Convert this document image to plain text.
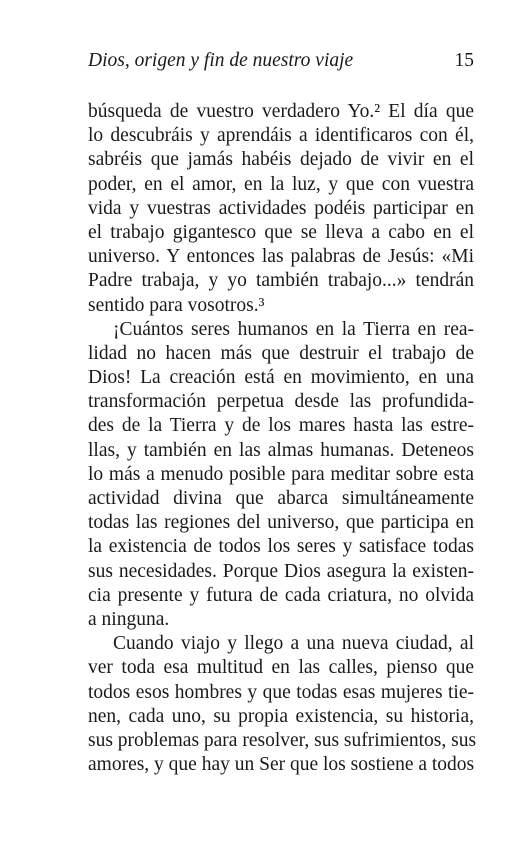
Dios, origen y fin de nuestro viaje	15
búsqueda de vuestro verdadero Yo.² El día que
lo descubráis y aprendáis a identificaros con él,
sabréis que jamás habéis dejado de vivir en el
poder, en el amor, en la luz, y que con vuestra
vida y vuestras actividades podéis participar en
el trabajo gigantesco que se lleva a cabo en el
universo. Y entonces las palabras de Jesús: «Mi
Padre trabaja, y yo también trabajo...» tendrán
sentido para vosotros.³
¡Cuántos seres humanos en la Tierra en rea-
lidad no hacen más que destruir el trabajo de
Dios! La creación está en movimiento, en una
transformación perpetua desde las profundida-
des de la Tierra y de los mares hasta las estre-
llas, y también en las almas humanas. Deteneos
lo más a menudo posible para meditar sobre esta
actividad divina que abarca simultáneamente
todas las regiones del universo, que participa en
la existencia de todos los seres y satisface todas
sus necesidades. Porque Dios asegura la existen-
cia presente y futura de cada criatura, no olvida
a ninguna.
Cuando viajo y llego a una nueva ciudad, al
ver toda esa multitud en las calles, pienso que
todos esos hombres y que todas esas mujeres tie-
nen, cada uno, su propia existencia, su historia,
sus problemas para resolver, sus sufrimientos, sus
amores, y que hay un Ser que los sostiene a todos
